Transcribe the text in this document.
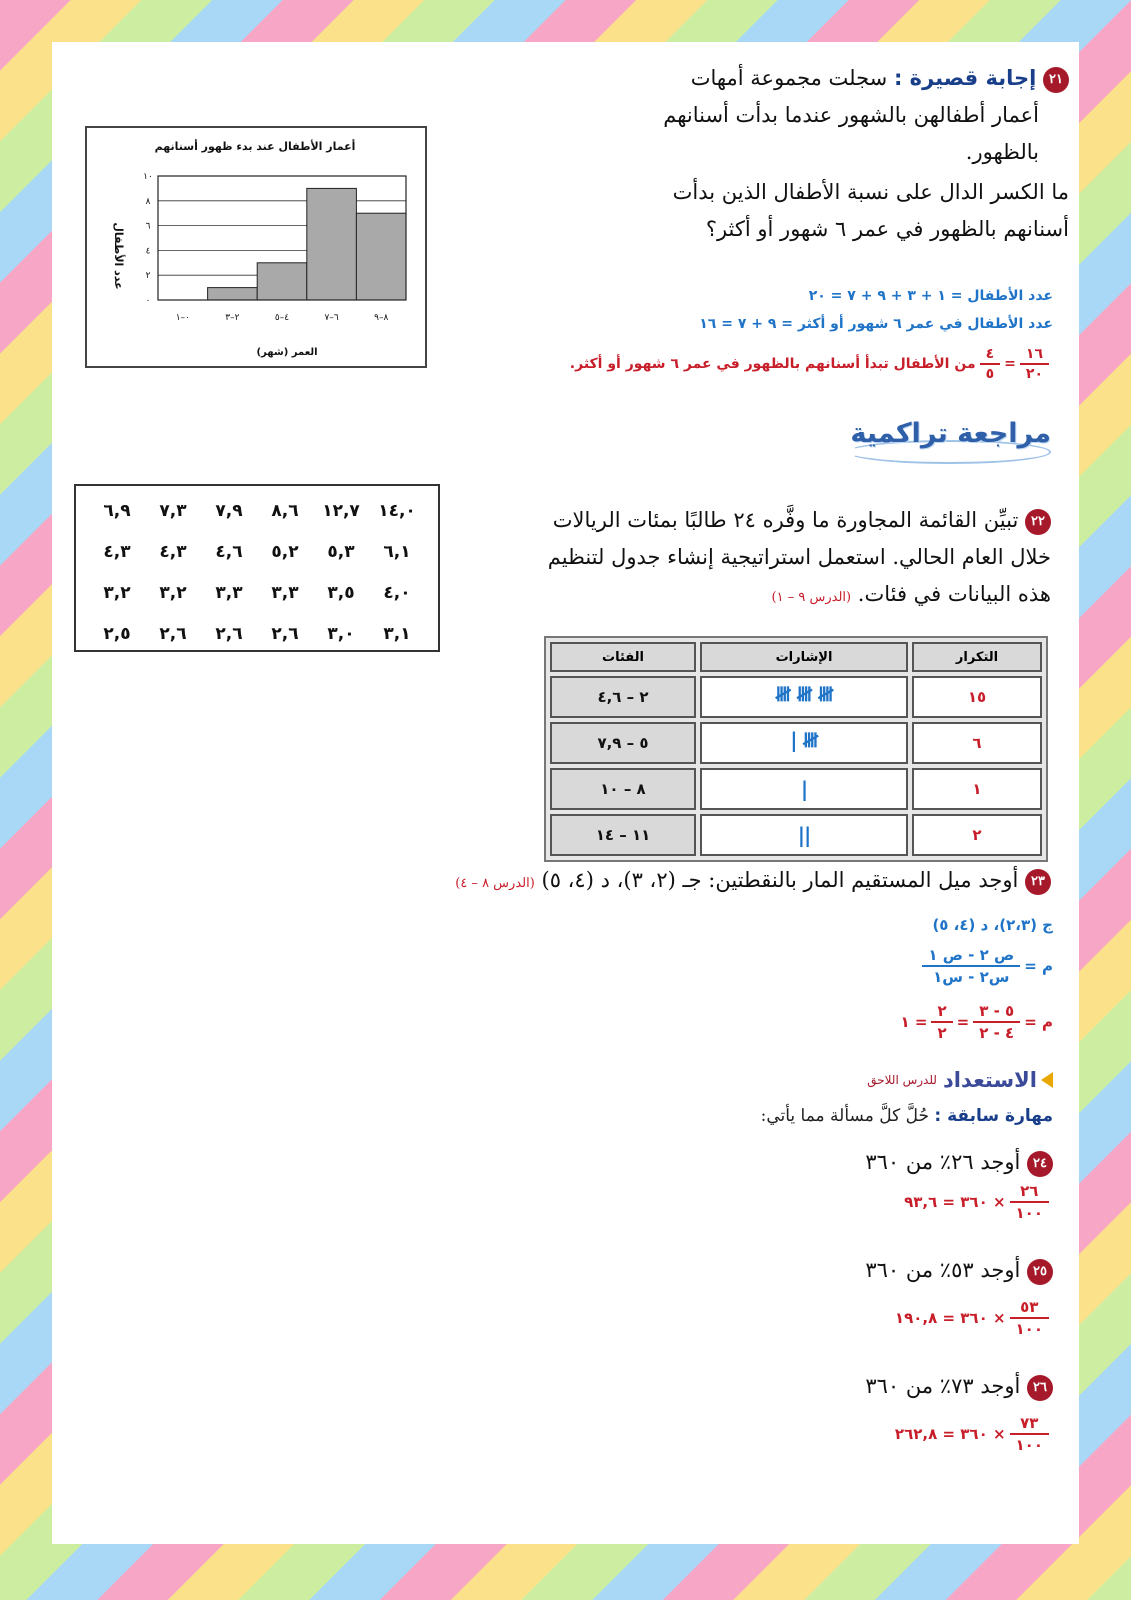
٢١ إجابة قصيرة : سجلت مجموعة أمهات
أعمار أطفالهن بالشهور عندما بدأت أسنانهم
بالظهور.
ما الكسر الدال على نسبة الأطفال الذين بدأت
أسنانهم بالظهور في عمر ٦ شهور أو أكثر؟
أعمار الأطفال عند بدء ظهور أسنانهم
العمر (شهر)
عدد الأطفال
٠
٢
٤
٦
٨
١٠
٠–١	٢–٣	٤–٥	٦–٧	٨–٩
عدد الأطفال = ١ + ٣ + ٩ + ٧ = ٢٠
عدد الأطفال في عمر ٦ شهور أو أكثر = ٩ + ٧ = ١٦
$\frac{١٦}{٢٠}$
=
$\frac{٤}{٥}$
من الأطفال تبدأ أسنانهم بالظهور في عمر ٦ شهور أو أكثر.
مراجعة تراكمية
٢٢ تبيِّن القائمة المجاورة ما وفَّره ٢٤ طالبًا بمئات الريالات
خلال العام الحالي. استعمل استراتيجية إنشاء جدول لتنظيم
هذه البيانات في فئات. (الدرس ٩ – ١)
١٤,٠	١٢,٧	٨,٦	٧,٩	٧,٣	٦,٩
٦,١	٥,٣	٥,٢	٤,٦	٤,٣	٤,٣
٤,٠	٣,٥	٣,٣	٣,٣	٣,٢	٣,٢
٣,١	٣,٠	٢,٦	٢,٦	٢,٦	٢,٥
التكرار	الإشارات	الفئات
١٥	𝍸 𝍸 𝍸	٢ – ٤,٦
٦	𝍸 |	٥ – ٧,٩
١	|	٨ – ١٠
٢	||	١١ – ١٤
٢٣ أوجد ميل المستقيم المار بالنقطتين: جـ (٢، ٣)، د (٤، ٥) (الدرس ٨ – ٤)
ج (٢،٣)، د (٤، ٥)
م =
$\frac{\text{ص ٢ - ص ١}}{\text{س٢ - س١}}$
م =
$\frac{٥ - ٣}{٤ - ٢}$
=
$\frac{٢}{٢}$
= ١
الاستعداد
للدرس اللاحق
مهارة سابقة : حُلَّ كلَّ مسألة مما يأتي:
٢٤ أوجد ٢٦٪ من ٣٦٠
$\frac{٢٦}{١٠٠}$
× ٣٦٠ = ٩٣,٦
٢٥ أوجد ٥٣٪ من ٣٦٠
$\frac{٥٣}{١٠٠}$
× ٣٦٠ = ١٩٠,٨
٢٦ أوجد ٧٣٪ من ٣٦٠
$\frac{٧٣}{١٠٠}$
× ٣٦٠ = ٢٦٢,٨
